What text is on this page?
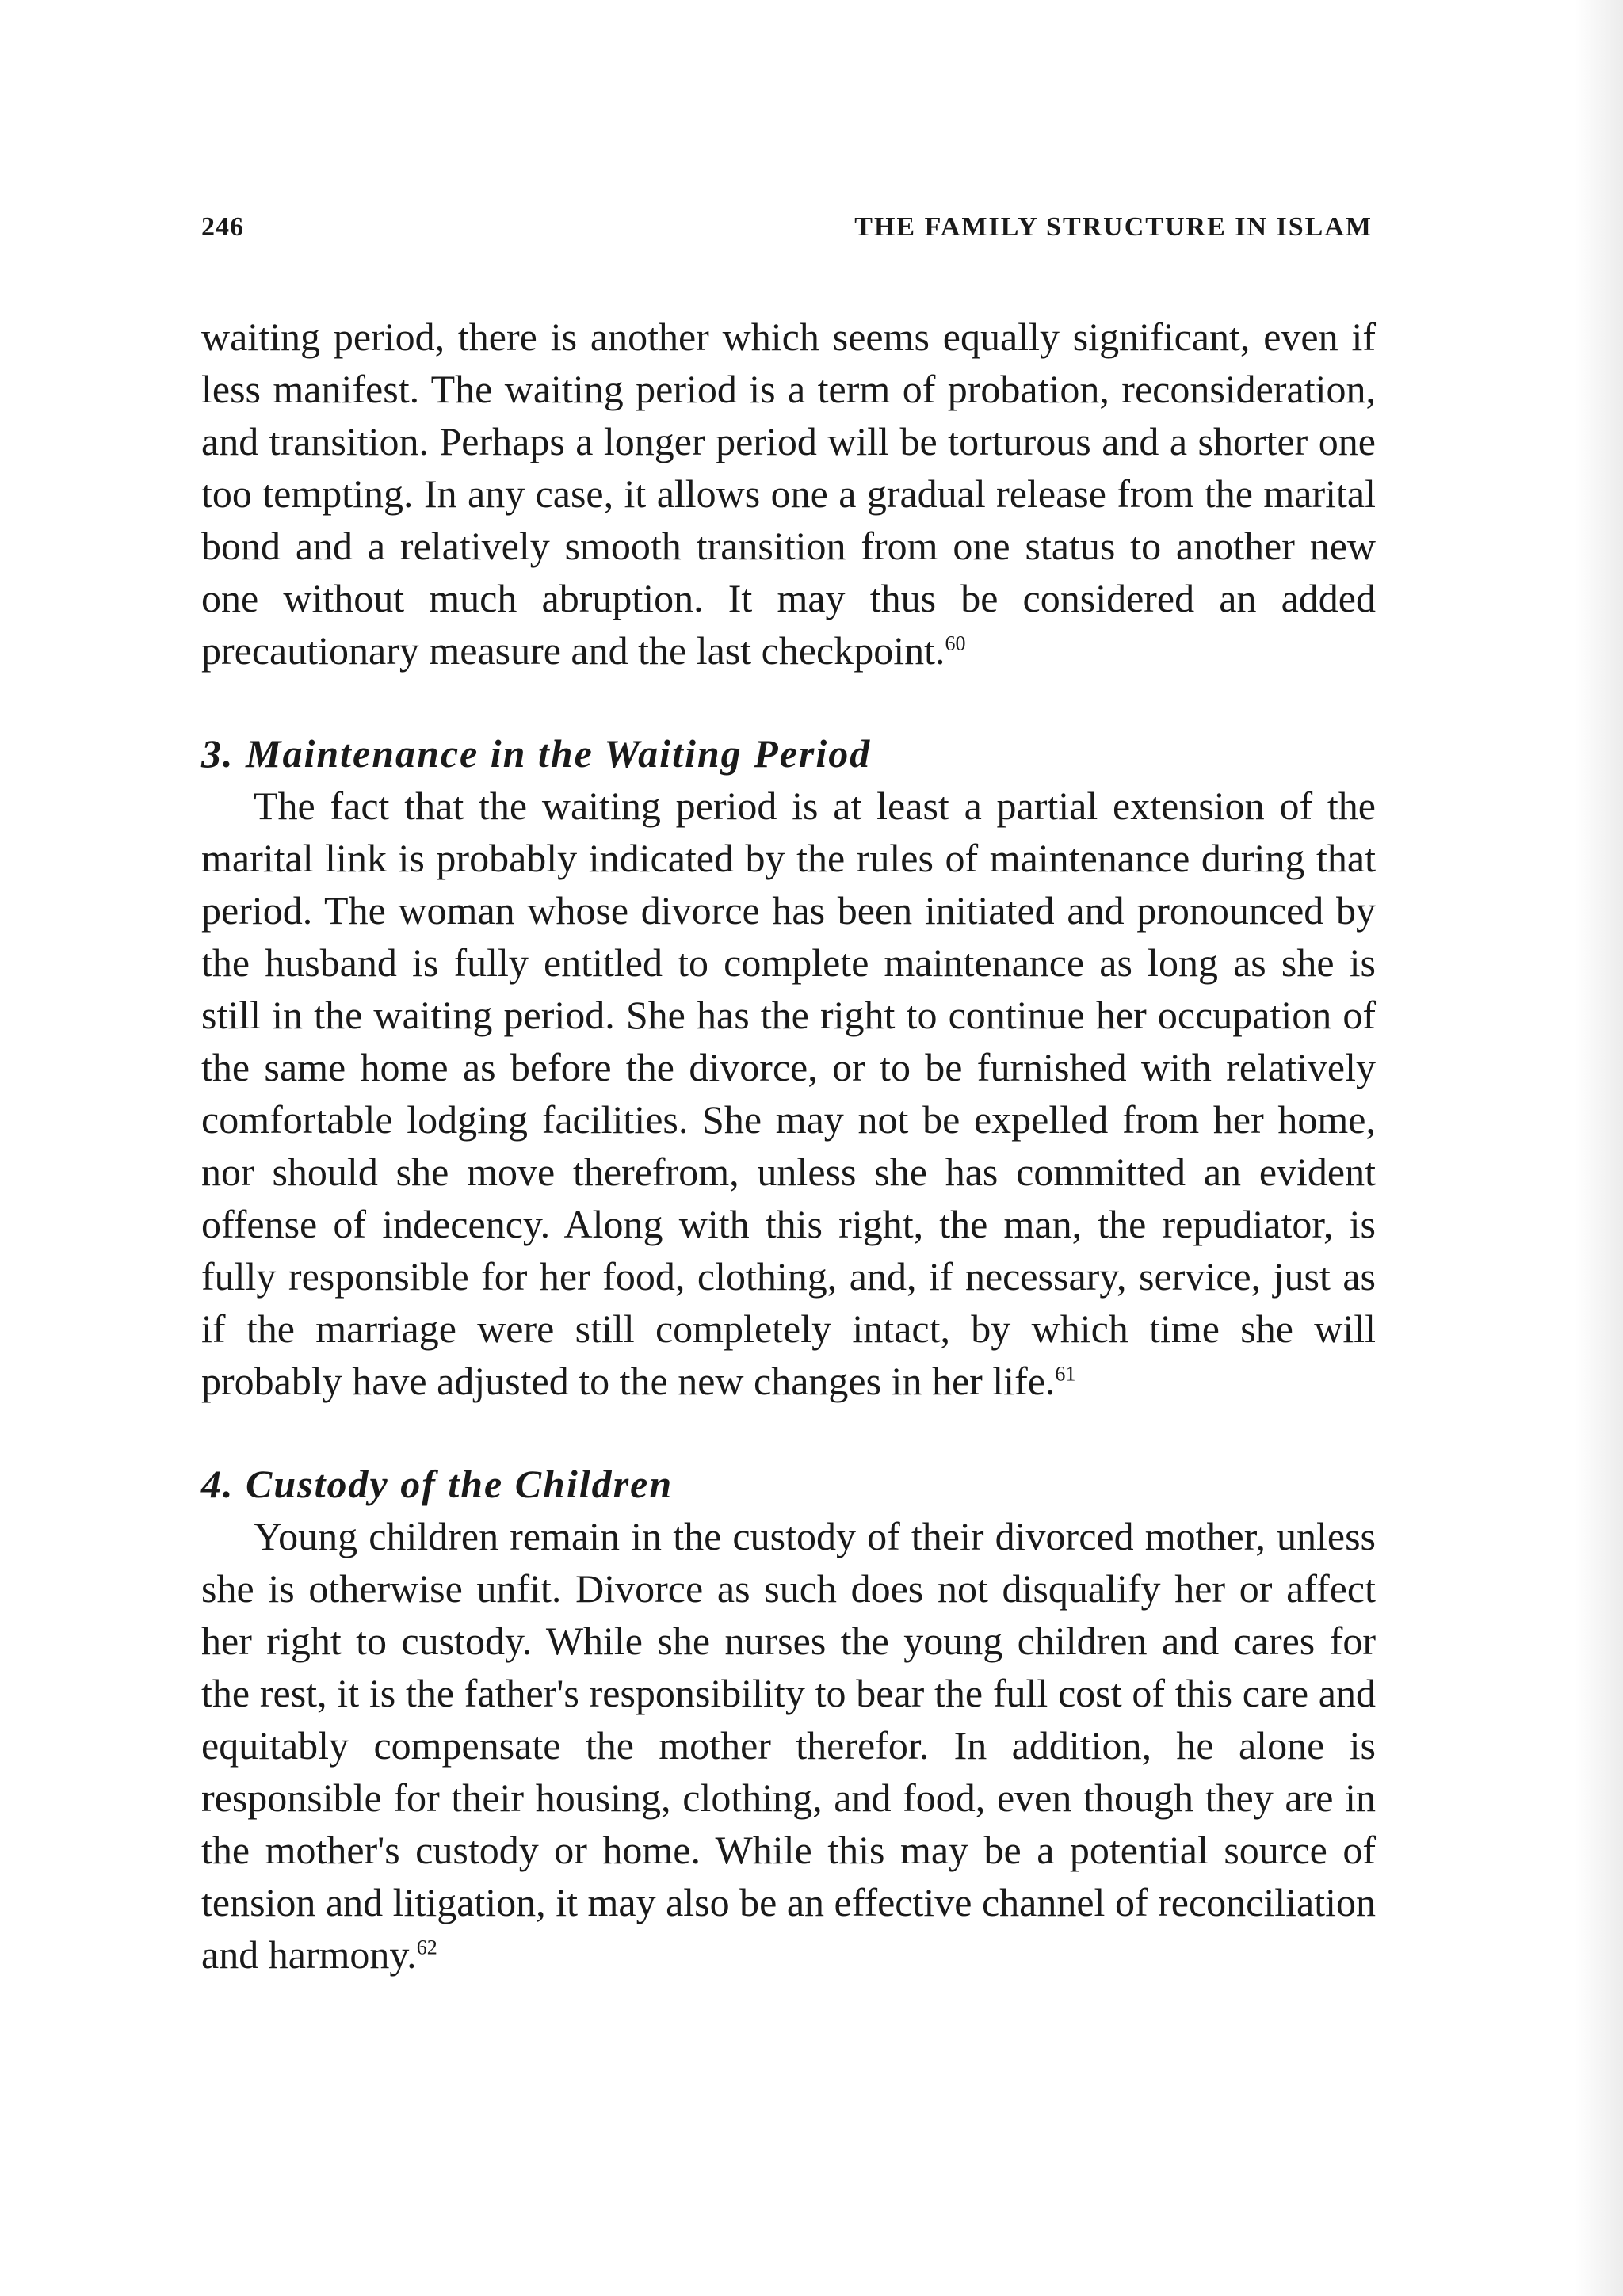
246	THE FAMILY STRUCTURE IN ISLAM

waiting period, there is another which seems equally significant, even if less manifest. The waiting period is a term of probation, reconsideration, and transition. Perhaps a longer period will be torturous and a shorter one too tempting. In any case, it allows one a gradual release from the marital bond and a relatively smooth transition from one status to another new one without much abruption. It may thus be considered an added precautionary measure and the last checkpoint.$^{60}$

3. Maintenance in the Waiting Period

The fact that the waiting period is at least a partial extension of the marital link is probably indicated by the rules of maintenance during that period. The woman whose divorce has been initiated and pronounced by the husband is fully entitled to complete maintenance as long as she is still in the waiting period. She has the right to continue her occupation of the same home as before the divorce, or to be furnished with relatively comfortable lodging facilities. She may not be expelled from her home, nor should she move therefrom, unless she has committed an evident offense of indecency. Along with this right, the man, the repudiator, is fully responsible for her food, clothing, and, if necessary, service, just as if the marriage were still completely intact, by which time she will probably have adjusted to the new changes in her life.$^{61}$

4. Custody of the Children

Young children remain in the custody of their divorced mother, unless she is otherwise unfit. Divorce as such does not disqualify her or affect her right to custody. While she nurses the young children and cares for the rest, it is the father's responsibility to bear the full cost of this care and equitably compensate the mother therefor. In addition, he alone is responsible for their housing, clothing, and food, even though they are in the mother's custody or home. While this may be a potential source of tension and litigation, it may also be an effective channel of reconciliation and harmony.$^{62}$
